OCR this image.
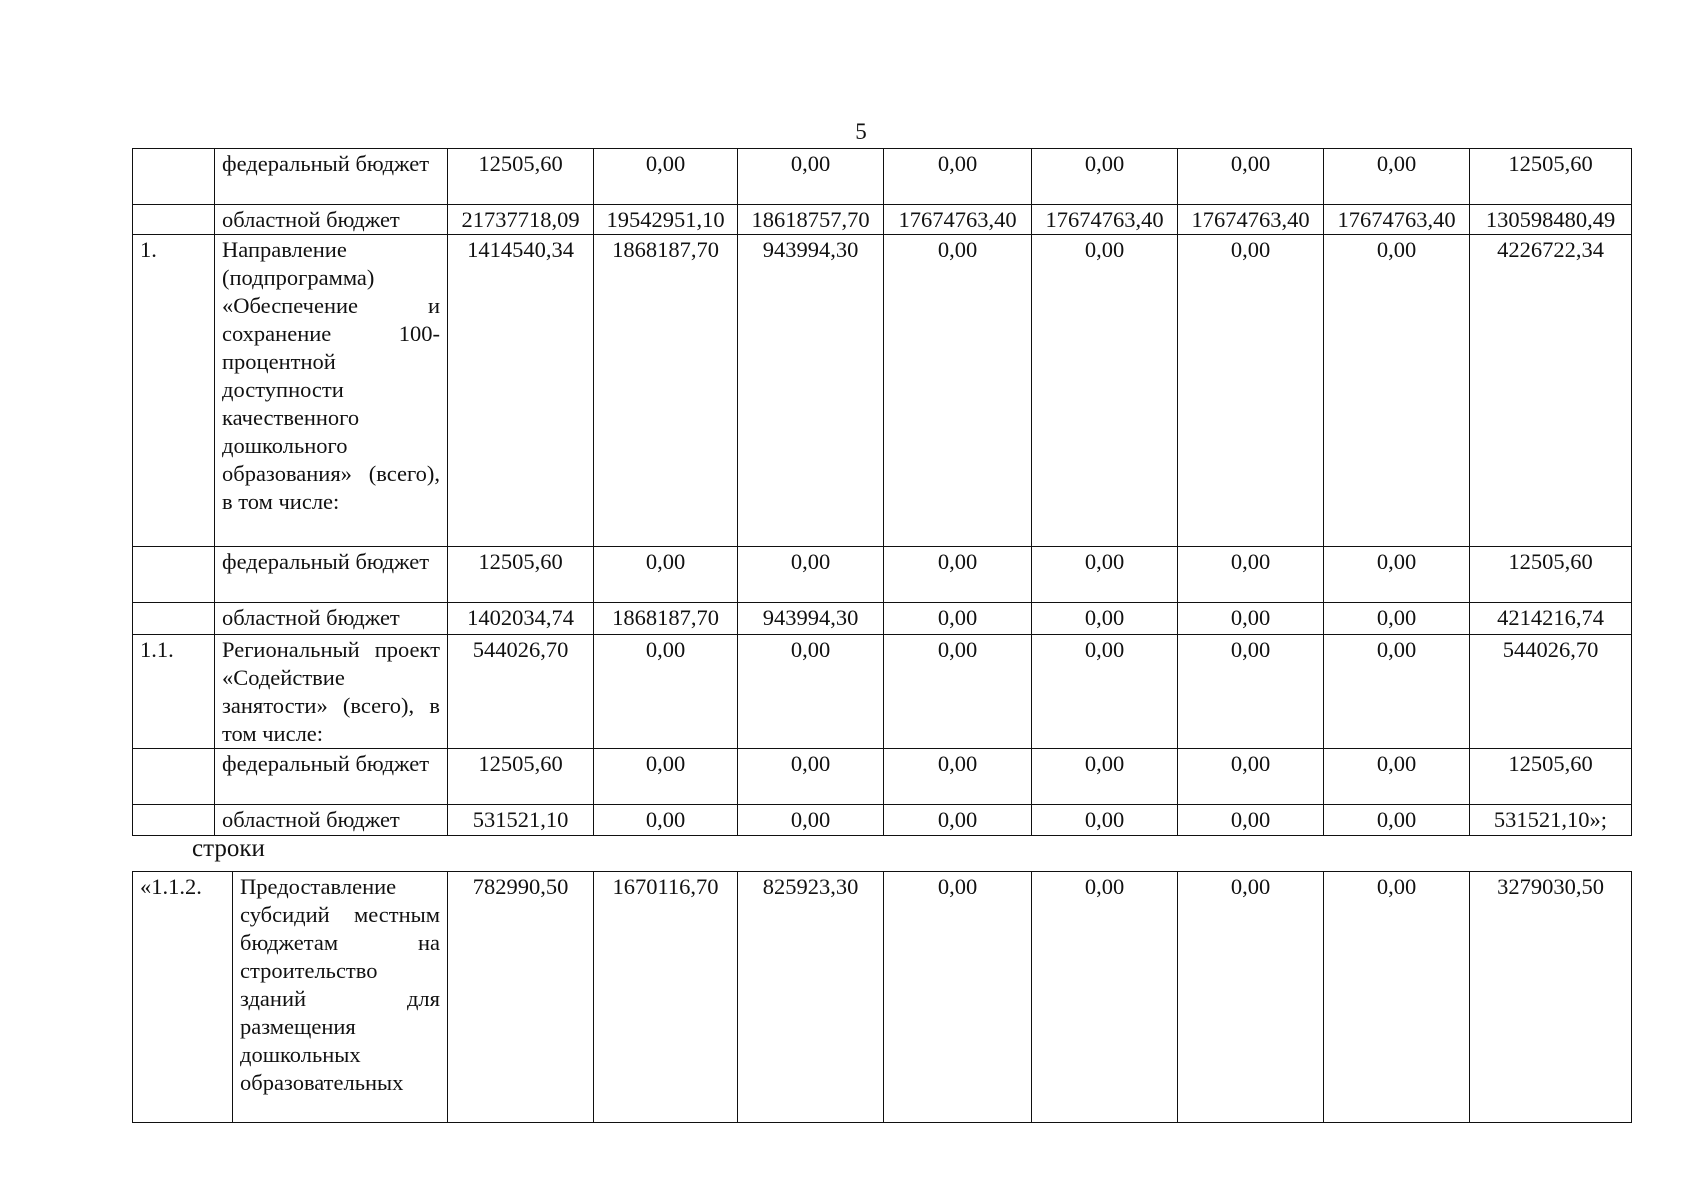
5
	федеральный бюджет	12505,60	0,00	0,00	0,00	0,00	0,00	0,00	12505,60
	областной бюджет	21737718,09	19542951,10	18618757,70	17674763,40	17674763,40	17674763,40	17674763,40	130598480,49
1.	Направление (подпрограмма) «Обеспечение и сохранение 100-процентной доступности качественного дошкольного образования» (всего), в том числе:	1414540,34	1868187,70	943994,30	0,00	0,00	0,00	0,00	4226722,34
	федеральный бюджет	12505,60	0,00	0,00	0,00	0,00	0,00	0,00	12505,60
	областной бюджет	1402034,74	1868187,70	943994,30	0,00	0,00	0,00	0,00	4214216,74
1.1.	Региональный проект «Содействие занятости» (всего), в том числе:	544026,70	0,00	0,00	0,00	0,00	0,00	0,00	544026,70
	федеральный бюджет	12505,60	0,00	0,00	0,00	0,00	0,00	0,00	12505,60
	областной бюджет	531521,10	0,00	0,00	0,00	0,00	0,00	0,00	531521,10»;
строки
«1.1.2.	Предоставление субсидий местным бюджетам на строительство зданий для размещения дошкольных образовательных	782990,50	1670116,70	825923,30	0,00	0,00	0,00	0,00	3279030,50
